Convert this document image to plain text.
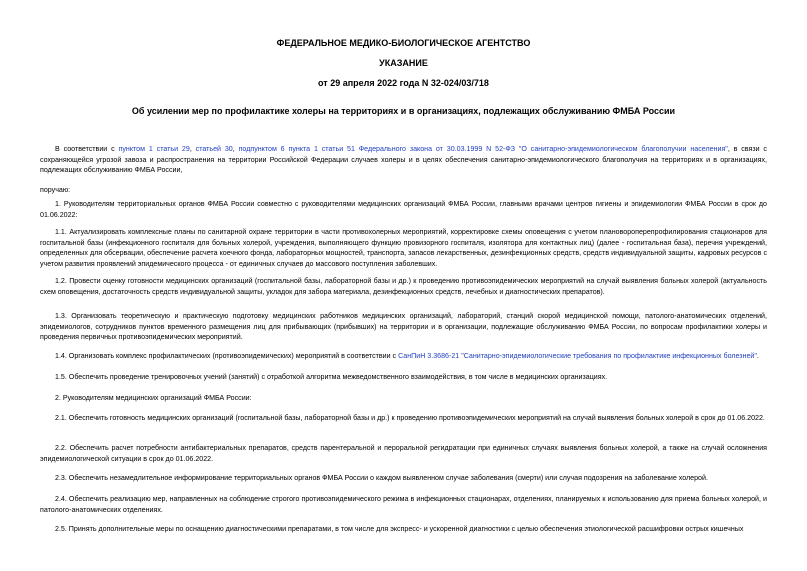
ФЕДЕРАЛЬНОЕ МЕДИКО-БИОЛОГИЧЕСКОЕ АГЕНТСТВО
УКАЗАНИЕ
от 29 апреля 2022 года N 32-024/03/718
Об усилении мер по профилактике холеры на территориях и в организациях, подлежащих обслуживанию ФМБА России

В соответствии с пунктом 1 статьи 29, статьей 30, подпунктом 6 пункта 1 статьи 51 Федерального закона от 30.03.1999 N 52-ФЗ "О санитарно-эпидемиологическом благополучии населения", в связи с сохраняющейся угрозой завоза и распространения на территории Российской Федерации случаев холеры и в целях обеспечения санитарно-эпидемиологического благополучия на территориях и в организациях, подлежащих обслуживанию ФМБА России,

поручаю:

1. Руководителям территориальных органов ФМБА России совместно с руководителями медицинских организаций ФМБА России, главными врачами центров гигиены и эпидемиологии ФМБА России в срок до 01.06.2022:

1.1. Актуализировать комплексные планы по санитарной охране территории в части противохолерных мероприятий, корректировке схемы оповещения с учетом плановороперепрофилирования стационаров для госпитальной базы (инфекционного госпиталя для больных холерой, учреждения, выполняющего функцию провизорного госпиталя, изолятора для контактных лиц) (далее - госпитальная база), перечня учреждений, определенных для обсервации, обеспечение расчета коечного фонда, лабораторных мощностей, транспорта, запасов лекарственных, дезинфекционных средств, средств индивидуальной защиты, кадровых ресурсов с учетом развития проявлений эпидемического процесса - от единичных случаев до массового поступления заболевших.

1.2. Провести оценку готовности медицинских организаций (госпитальной базы, лабораторной базы и др.) к проведению противоэпидемических мероприятий на случай выявления больных холерой (актуальность схем оповещения, достаточность средств индивидуальной защиты, укладок для забора материала, дезинфекционных средств, лечебных и диагностических препаратов).

1.3. Организовать теоретическую и практическую подготовку медицинских работников медицинских организаций, лабораторий, станций скорой медицинской помощи, патолого-анатомических отделений, эпидемиологов, сотрудников пунктов временного размещения лиц для прибывающих (прибывших) на территории и в организации, подлежащие обслуживанию ФМБА России, по вопросам профилактики холеры и проведения первичных противоэпидемических мероприятий.

1.4. Организовать комплекс профилактических (противоэпидемических) мероприятий в соответствии с СанПиН 3.3686-21 "Санитарно-эпидемиологические требования по профилактике инфекционных болезней".

1.5. Обеспечить проведение тренировочных учений (занятий) с отработкой алгоритма межведомственного взаимодействия, в том числе в медицинских организациях.

2. Руководителям медицинских организаций ФМБА России:

2.1. Обеспечить готовность медицинских организаций (госпитальной базы, лабораторной базы и др.) к проведению противоэпидемических мероприятий на случай выявления больных холерой в срок до 01.06.2022.

2.2. Обеспечить расчет потребности антибактериальных препаратов, средств парентеральной и пероральной регидратации при единичных случаях выявления больных холерой, а также на случай осложнения эпидемиологической ситуации в срок до 01.06.2022.

2.3. Обеспечить незамедлительное информирование территориальных органов ФМБА России о каждом выявленном случае заболевания (смерти) или случая подозрения на заболевание холерой.

2.4. Обеспечить реализацию мер, направленных на соблюдение строгого противоэпидемического режима в инфекционных стационарах, отделениях, планируемых к использованию для приема больных холерой, и патолого-анатомических отделениях.

2.5. Принять дополнительные меры по оснащению диагностическими препаратами, в том числе для экспресс- и ускоренной диагностики с целью обеспечения этиологической расшифровки острых кишечных
